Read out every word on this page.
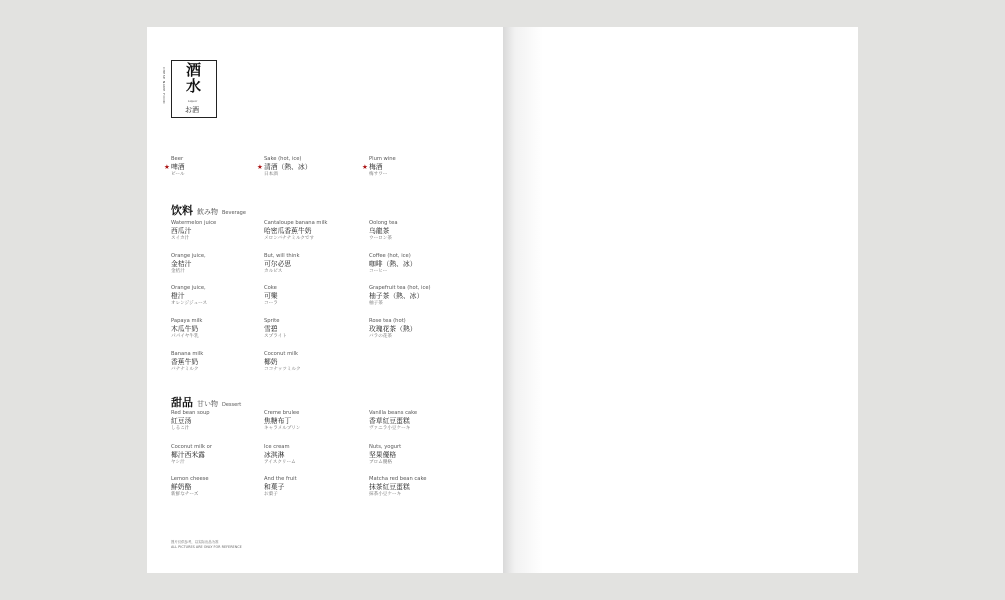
酒
水
CHESE NAME FOOD	Liquor
お酒
★
Beer
啤酒
ビール
★
Sake (hot, ice)
清酒（熱、冰）
日本酒
★
Plum wine
梅酒
梅サワー
饮料 飲み物 Beverage
Watermelon juice
西瓜汁
スイカ汁
Cantaloupe banana milk
哈密瓜香蕉牛奶
メロンバナナミルクです
Oolong tea
乌龍茶
ウーロン茶
Orange juice,
金桔汁
金桔汁
But, will think
可尔必思
カルピス
Coffee (hot, ice)
咖啡（熱、冰）
コーヒー
Orange juice,
橙汁
オレンジジュース
Coke
可樂
コーラ
Grapefruit tea (hot, ice)
柚子茶（熱、冰）
柚子茶
Papaya milk
木瓜牛奶
パパイヤ牛乳
Sprite
雪碧
スプライト
Rose tea (hot)
玫瑰花茶（熱）
バラの花茶
Banana milk
香蕉牛奶
バナナミルク
Coconut milk
椰奶
ココナッツミルク
甜品 甘い物 Dessert
Red bean soup
紅豆汤
しるこ汁
Creme brulee
焦糖布丁
キャラメルプリン
Vanilla beans cake
香草紅豆蛋糕
ヴァニラ小豆ケーキ
Coconut milk or
椰汁西米露
ヤシ汁
Ice cream
冰淇淋
アイスクリーム
Nuts, yogurt
坚果優格
ブロム優格
Lemon cheese
鮮奶酪
新鮮なチーズ
And the fruit
和菓子
お菓子
Matcha red bean cake
抹茶紅豆蛋糕
抹茶小豆ケーキ
图片仅供参考，以实际出品为准
ALL PICTURES ARE ONLY FOR REFERENCE
